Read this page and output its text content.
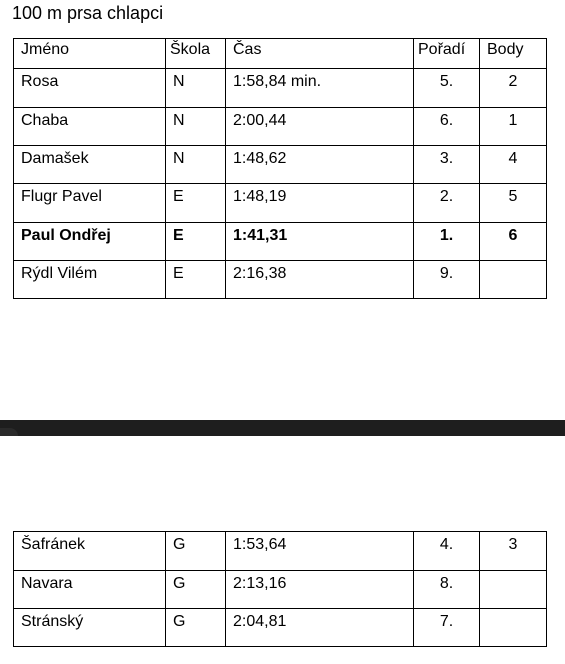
100 m prsa chlapci
Jméno	Škola	Čas	Pořadí	Body
Rosa	N	1:58,84 min.	5.	2
Chaba	N	2:00,44	6.	1
Damašek	N	1:48,62	3.	4
Flugr Pavel	E	1:48,19	2.	5
Paul Ondřej	E	1:41,31	1.	6
Rýdl Vilém	E	2:16,38	9.	
Šafránek	G	1:53,64	4.	3
Navara	G	2:13,16	8.	
Stránský	G	2:04,81	7.	
